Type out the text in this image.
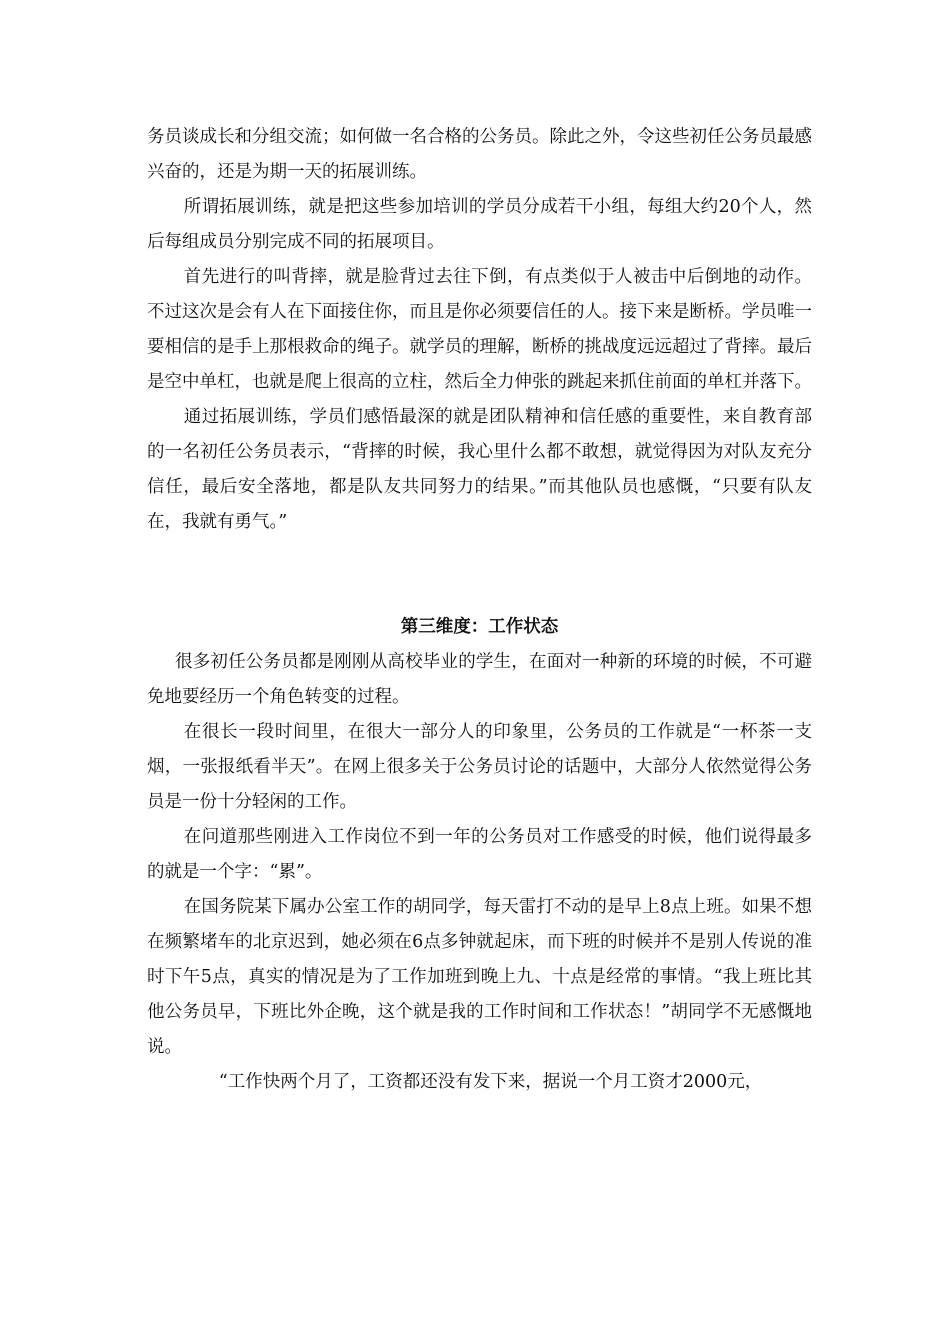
务员谈成长和分组交流；如何做一名合格的公务员。除此之外，令这些初任公务员最感兴奋的，还是为期一天的拓展训练。

所谓拓展训练，就是把这些参加培训的学员分成若干小组，每组大约20个人，然后每组成员分别完成不同的拓展项目。

首先进行的叫背摔，就是脸背过去往下倒，有点类似于人被击中后倒地的动作。不过这次是会有人在下面接住你，而且是你必须要信任的人。接下来是断桥。学员唯一要相信的是手上那根救命的绳子。就学员的理解，断桥的挑战度远远超过了背摔。最后是空中单杠，也就是爬上很高的立柱，然后全力伸张的跳起来抓住前面的单杠并落下。

通过拓展训练，学员们感悟最深的就是团队精神和信任感的重要性，来自教育部的一名初任公务员表示，“背摔的时候，我心里什么都不敢想，就觉得因为对队友充分信任，最后安全落地，都是队友共同努力的结果。”而其他队员也感慨，“只要有队友在，我就有勇气。”

第三维度：工作状态

很多初任公务员都是刚刚从高校毕业的学生，在面对一种新的环境的时候，不可避免地要经历一个角色转变的过程。

在很长一段时间里，在很大一部分人的印象里，公务员的工作就是“一杯茶一支烟，一张报纸看半天”。在网上很多关于公务员讨论的话题中，大部分人依然觉得公务员是一份十分轻闲的工作。

在问道那些刚进入工作岗位不到一年的公务员对工作感受的时候，他们说得最多的就是一个字：“累”。

在国务院某下属办公室工作的胡同学，每天雷打不动的是早上8点上班。如果不想在频繁堵车的北京迟到，她必须在6点多钟就起床，而下班的时候并不是别人传说的准时下午5点，真实的情况是为了工作加班到晚上九、十点是经常的事情。“我上班比其他公务员早，下班比外企晚，这个就是我的工作时间和工作状态！”胡同学不无感慨地说。

“工作快两个月了，工资都还没有发下来，据说一个月工资才2000元，
